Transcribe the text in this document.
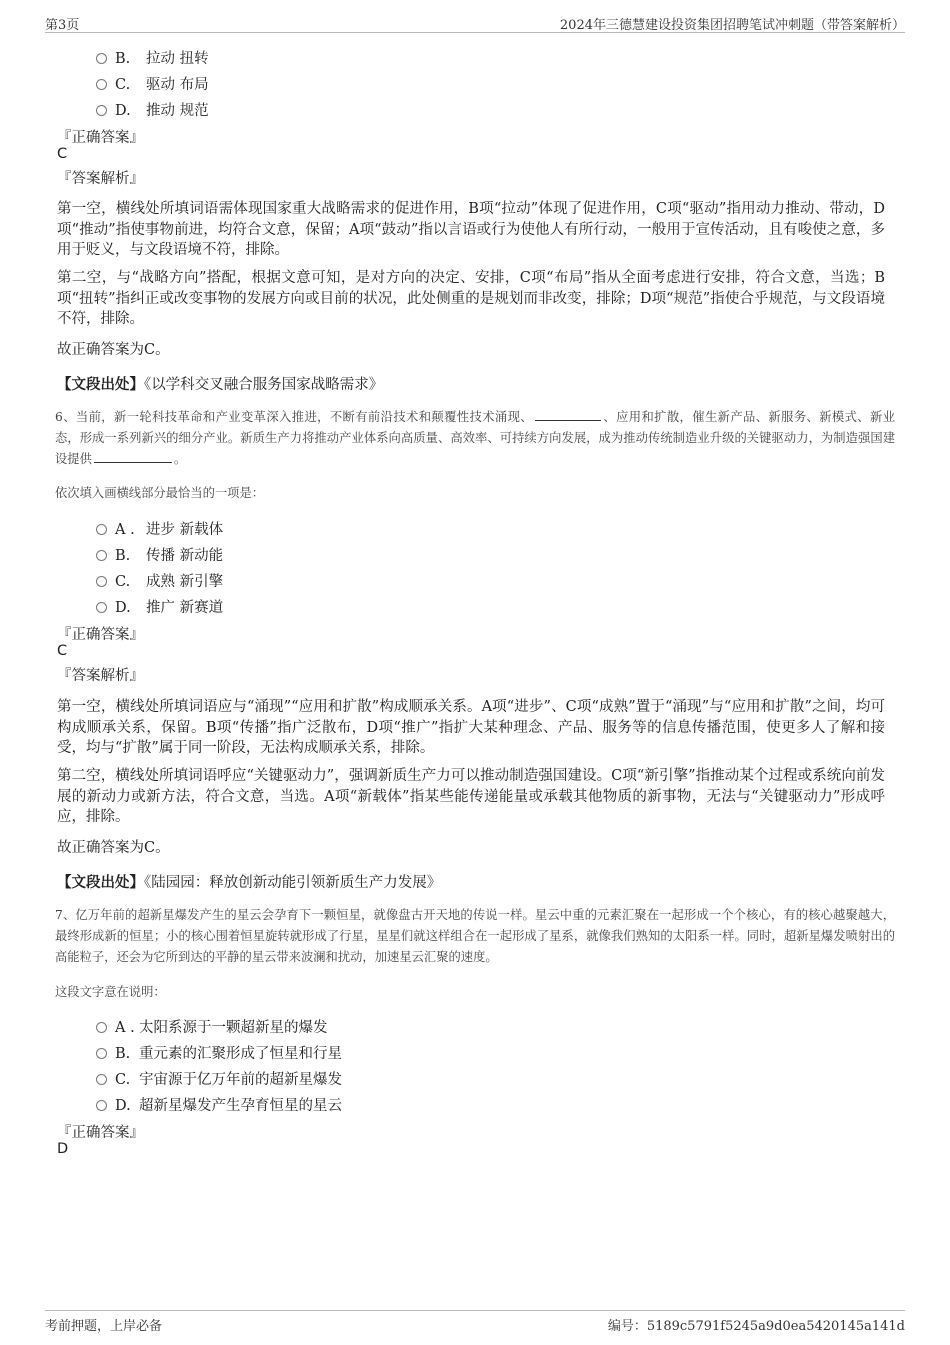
第3页	2024年三德慧建设投资集团招聘笔试冲刺题（带答案解析）
B. 拉动 扭转
C. 驱动 布局
D. 推动 规范
『正确答案』
C
『答案解析』
第一空，横线处所填词语需体现国家重大战略需求的促进作用，B项“拉动”体现了促进作用，C项“驱动”指用动力推动、带动，D项“推动”指使事物前进，均符合文意，保留；A项“鼓动”指以言语或行为使他人有所行动，一般用于宣传活动，且有唆使之意，多用于贬义，与文段语境不符，排除。
第二空，与“战略方向”搭配，根据文意可知，是对方向的决定、安排，C项“布局”指从全面考虑进行安排，符合文意，当选；B项“扭转”指纠正或改变事物的发展方向或目前的状况，此处侧重的是规划而非改变，排除；D项“规范”指使合乎规范，与文段语境不符，排除。
故正确答案为C。
【文段出处】《以学科交叉融合服务国家战略需求》
6、当前，新一轮科技革命和产业变革深入推进，不断有前沿技术和颠覆性技术涌现、	、应用和扩散，催生新产品、新服务、新模式、新业态，形成一系列新兴的细分产业。新质生产力将推动产业体系向高质量、高效率、可持续方向发展，成为推动传统制造业升级的关键驱动力，为制造强国建设提供	。
依次填入画横线部分最恰当的一项是：
A . 进步 新载体
B. 传播 新动能
C. 成熟 新引擎
D. 推广 新赛道
『正确答案』
C
『答案解析』
第一空，横线处所填词语应与“涌现”“应用和扩散”构成顺承关系。A项“进步”、C项“成熟”置于“涌现”与“应用和扩散”之间，均可构成顺承关系，保留。B项“传播”指广泛散布，D项“推广”指扩大某种理念、产品、服务等的信息传播范围，使更多人了解和接受，均与“扩散”属于同一阶段，无法构成顺承关系，排除。
第二空，横线处所填词语呼应“关键驱动力”，强调新质生产力可以推动制造强国建设。C项“新引擎”指推动某个过程或系统向前发展的新动力或新方法，符合文意，当选。A项“新载体”指某些能传递能量或承载其他物质的新事物，无法与“关键驱动力”形成呼应，排除。
故正确答案为C。
【文段出处】《陆园园：释放创新动能引领新质生产力发展》
7、亿万年前的超新星爆发产生的星云会孕育下一颗恒星，就像盘古开天地的传说一样。星云中重的元素汇聚在一起形成一个个核心，有的核心越聚越大，最终形成新的恒星；小的核心围着恒星旋转就形成了行星，星星们就这样组合在一起形成了星系，就像我们熟知的太阳系一样。同时，超新星爆发喷射出的高能粒子，还会为它所到达的平静的星云带来波澜和扰动，加速星云汇聚的速度。
这段文字意在说明：
A . 太阳系源于一颗超新星的爆发
B. 重元素的汇聚形成了恒星和行星
C. 宇宙源于亿万年前的超新星爆发
D. 超新星爆发产生孕育恒星的星云
『正确答案』
D
考前押题，上岸必备	编号：5189c5791f5245a9d0ea5420145a141d
